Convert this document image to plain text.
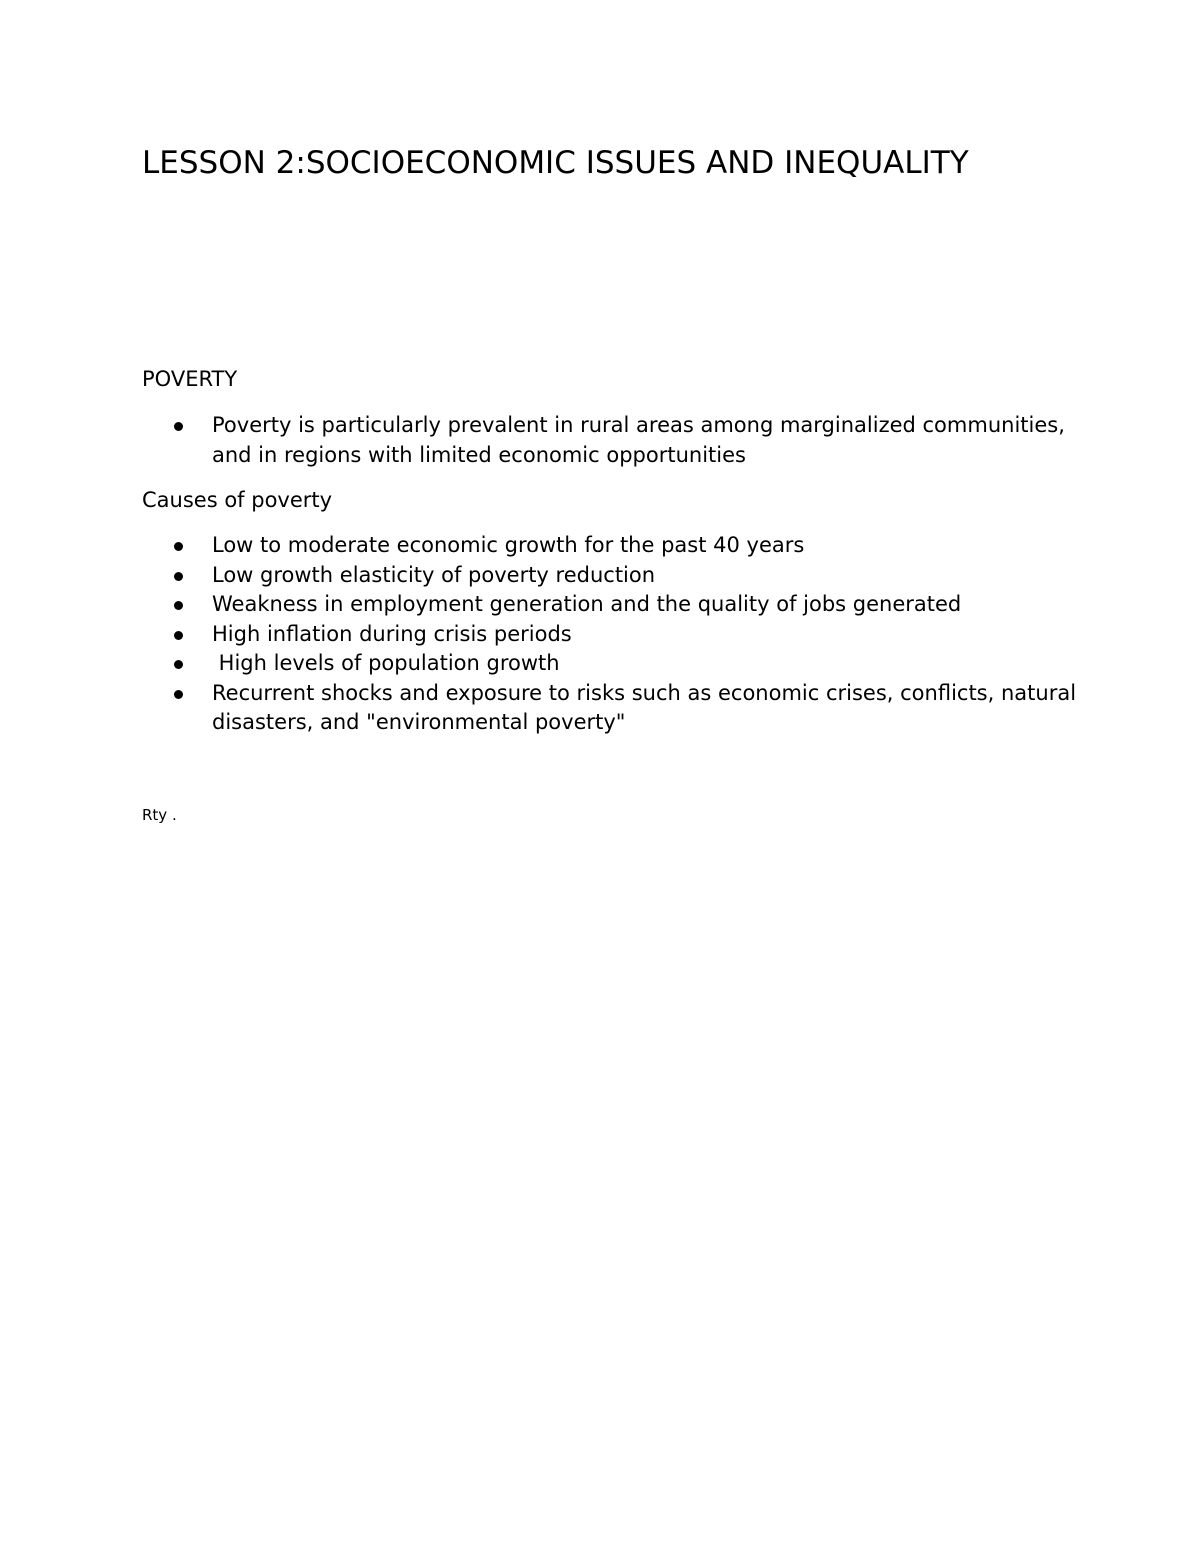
LESSON 2:SOCIOECONOMIC ISSUES AND INEQUALITY

POVERTY

Poverty is particularly prevalent in rural areas among marginalized communities, and in regions with limited economic opportunities

Causes of poverty

Low to moderate economic growth for the past 40 years
Low growth elasticity of poverty reduction
Weakness in employment generation and the quality of jobs generated
High inflation during crisis periods
High levels of population growth
Recurrent shocks and exposure to risks such as economic crises, conflicts, natural disasters, and "environmental poverty"

Rty .
